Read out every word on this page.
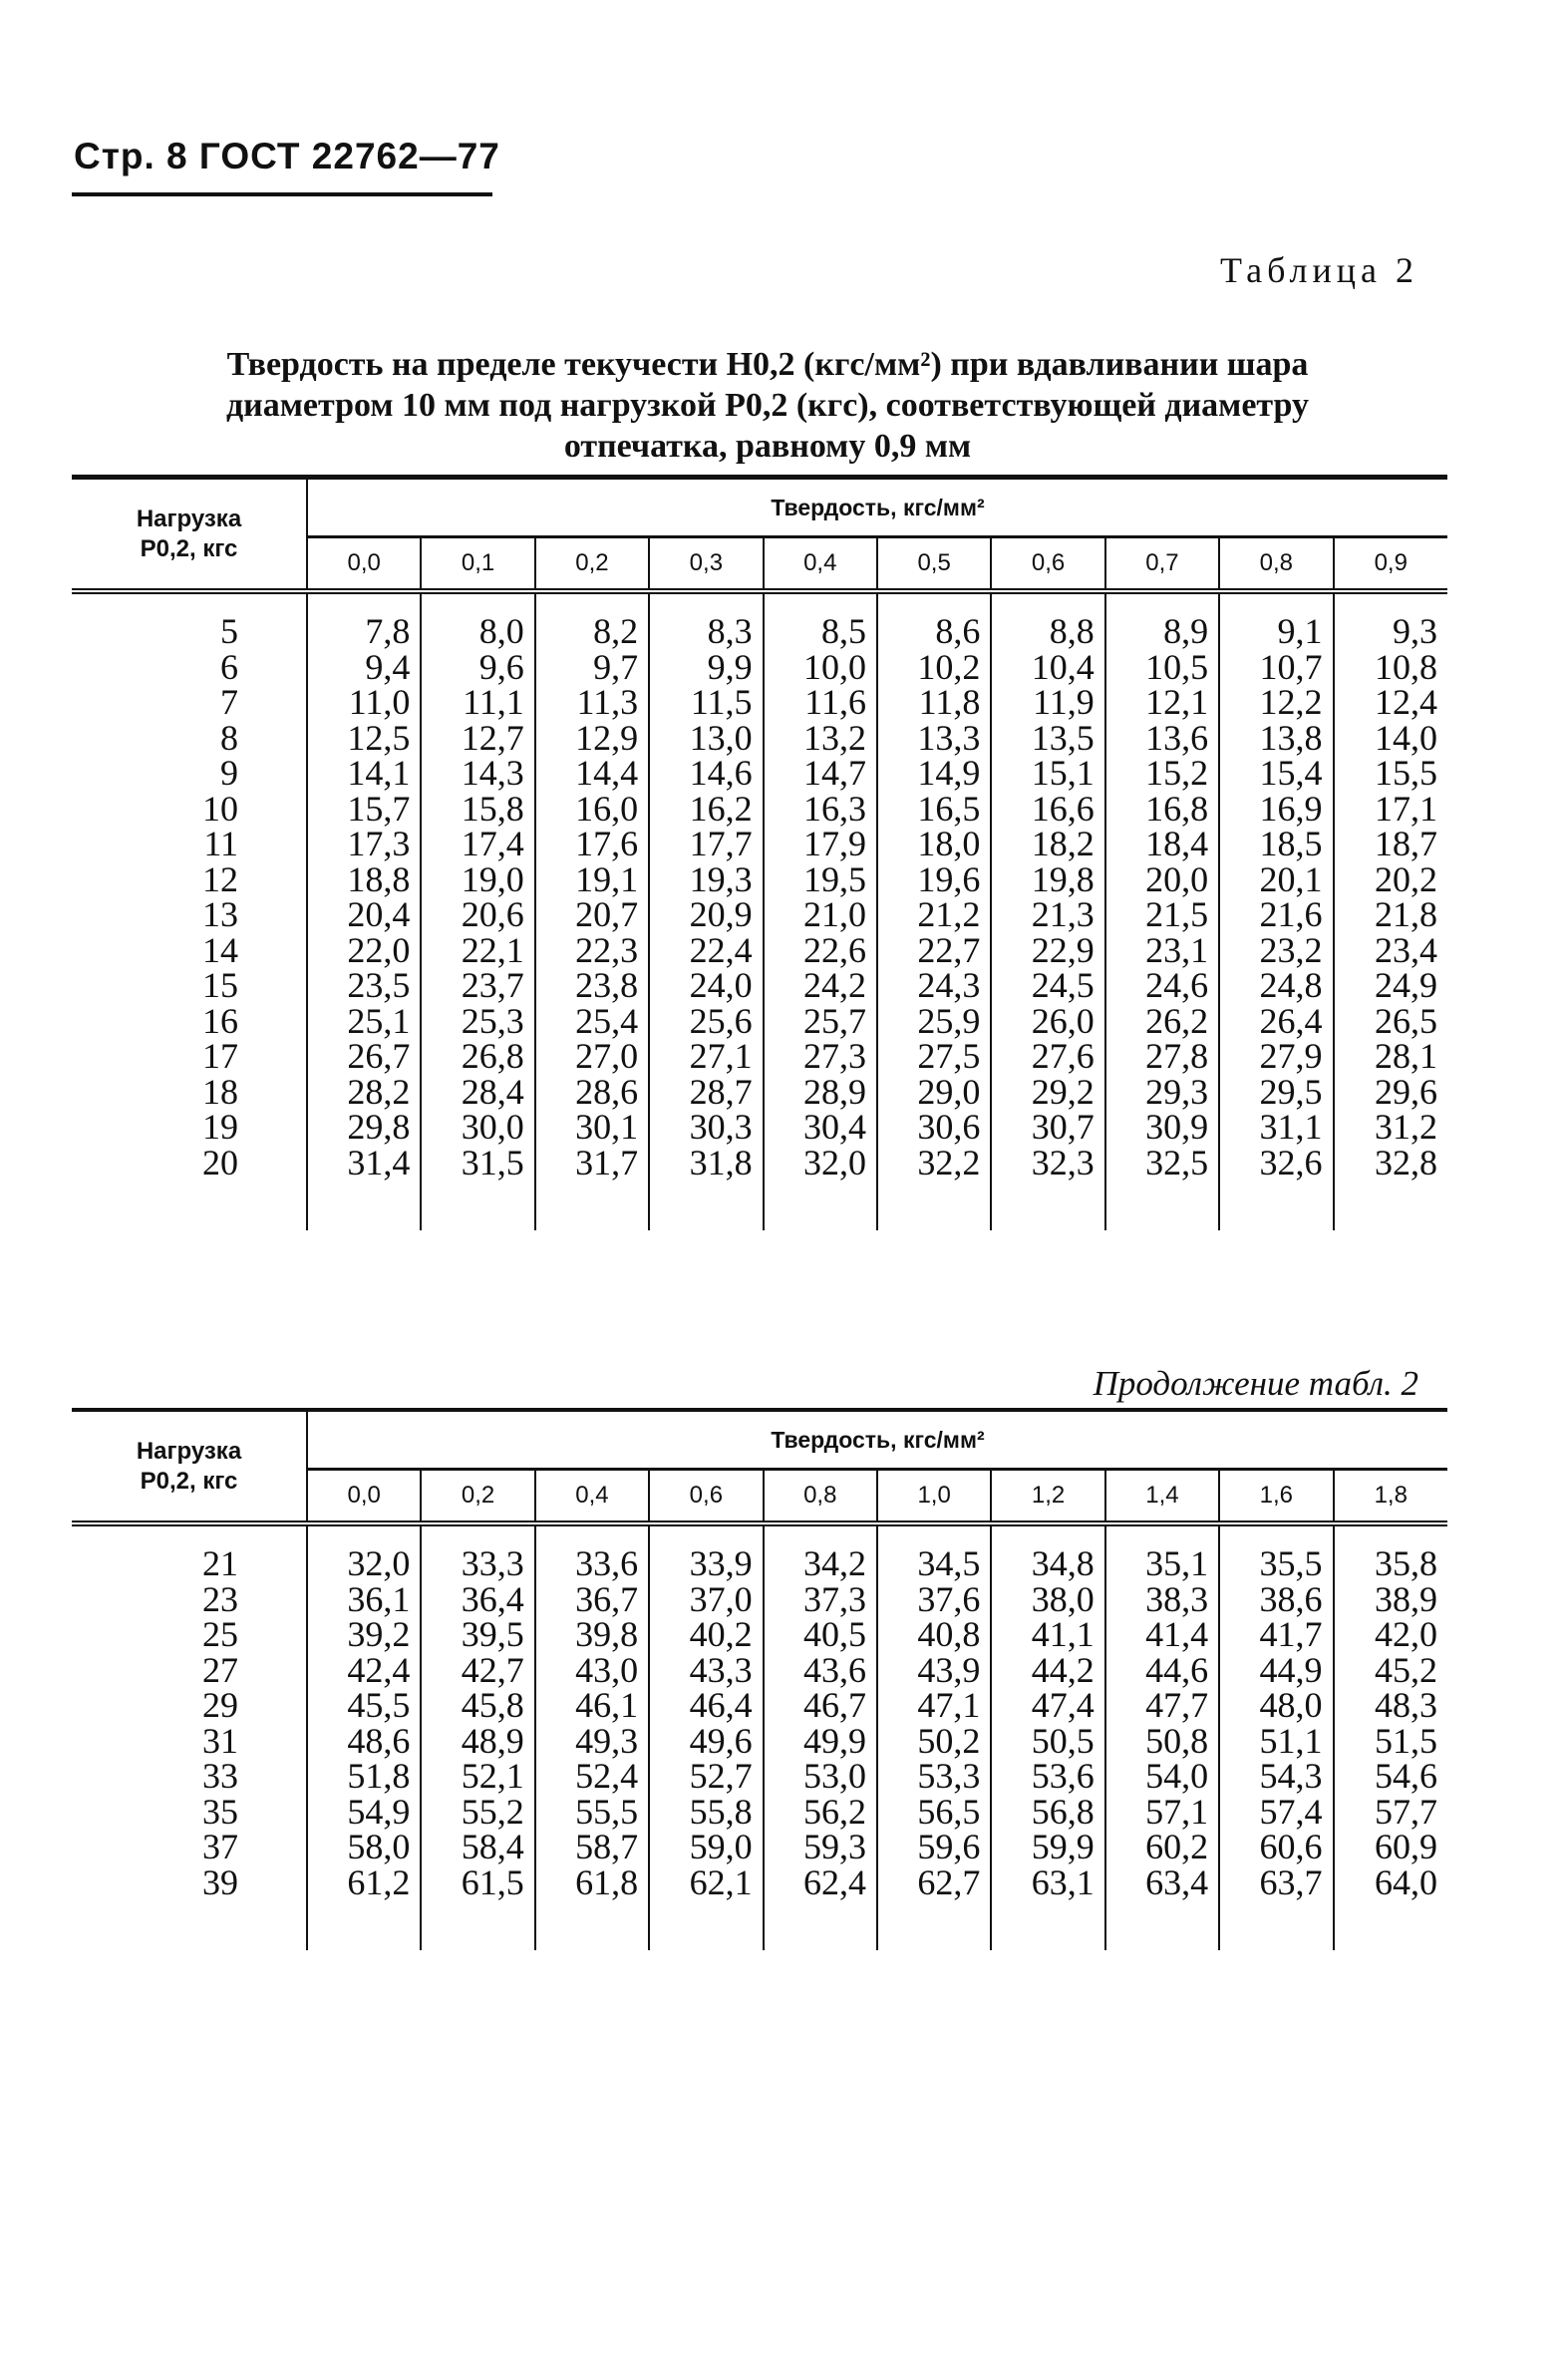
Стр. 8 ГОСТ 22762—77
Таблица 2
Твердость на пределе текучести H0,2 (кгс/мм²) при вдавливании шара
диаметром 10 мм под нагрузкой P0,2 (кгс), соответствующей диаметру
отпечатка, равному 0,9 мм
Нагрузка
P0,2, кгс	Твердость, кгс/мм²									
	0,0	0,1	0,2	0,3	0,4	0,5	0,6	0,7	0,8	0,9

5	7,8	8,0	8,2	8,3	8,5	8,6	8,8	8,9	9,1	9,3
6	9,4	9,6	9,7	9,9	10,0	10,2	10,4	10,5	10,7	10,8
7	11,0	11,1	11,3	11,5	11,6	11,8	11,9	12,1	12,2	12,4
8	12,5	12,7	12,9	13,0	13,2	13,3	13,5	13,6	13,8	14,0
9	14,1	14,3	14,4	14,6	14,7	14,9	15,1	15,2	15,4	15,5
10	15,7	15,8	16,0	16,2	16,3	16,5	16,6	16,8	16,9	17,1
11	17,3	17,4	17,6	17,7	17,9	18,0	18,2	18,4	18,5	18,7
12	18,8	19,0	19,1	19,3	19,5	19,6	19,8	20,0	20,1	20,2
13	20,4	20,6	20,7	20,9	21,0	21,2	21,3	21,5	21,6	21,8
14	22,0	22,1	22,3	22,4	22,6	22,7	22,9	23,1	23,2	23,4
15	23,5	23,7	23,8	24,0	24,2	24,3	24,5	24,6	24,8	24,9
16	25,1	25,3	25,4	25,6	25,7	25,9	26,0	26,2	26,4	26,5
17	26,7	26,8	27,0	27,1	27,3	27,5	27,6	27,8	27,9	28,1
18	28,2	28,4	28,6	28,7	28,9	29,0	29,2	29,3	29,5	29,6
19	29,8	30,0	30,1	30,3	30,4	30,6	30,7	30,9	31,1	31,2
20	31,4	31,5	31,7	31,8	32,0	32,2	32,3	32,5	32,6	32,8

Продолжение табл. 2
Нагрузка
P0,2, кгс	Твердость, кгс/мм²									
	0,0	0,2	0,4	0,6	0,8	1,0	1,2	1,4	1,6	1,8

21	32,0	33,3	33,6	33,9	34,2	34,5	34,8	35,1	35,5	35,8
23	36,1	36,4	36,7	37,0	37,3	37,6	38,0	38,3	38,6	38,9
25	39,2	39,5	39,8	40,2	40,5	40,8	41,1	41,4	41,7	42,0
27	42,4	42,7	43,0	43,3	43,6	43,9	44,2	44,6	44,9	45,2
29	45,5	45,8	46,1	46,4	46,7	47,1	47,4	47,7	48,0	48,3
31	48,6	48,9	49,3	49,6	49,9	50,2	50,5	50,8	51,1	51,5
33	51,8	52,1	52,4	52,7	53,0	53,3	53,6	54,0	54,3	54,6
35	54,9	55,2	55,5	55,8	56,2	56,5	56,8	57,1	57,4	57,7
37	58,0	58,4	58,7	59,0	59,3	59,6	59,9	60,2	60,6	60,9
39	61,2	61,5	61,8	62,1	62,4	62,7	63,1	63,4	63,7	64,0
